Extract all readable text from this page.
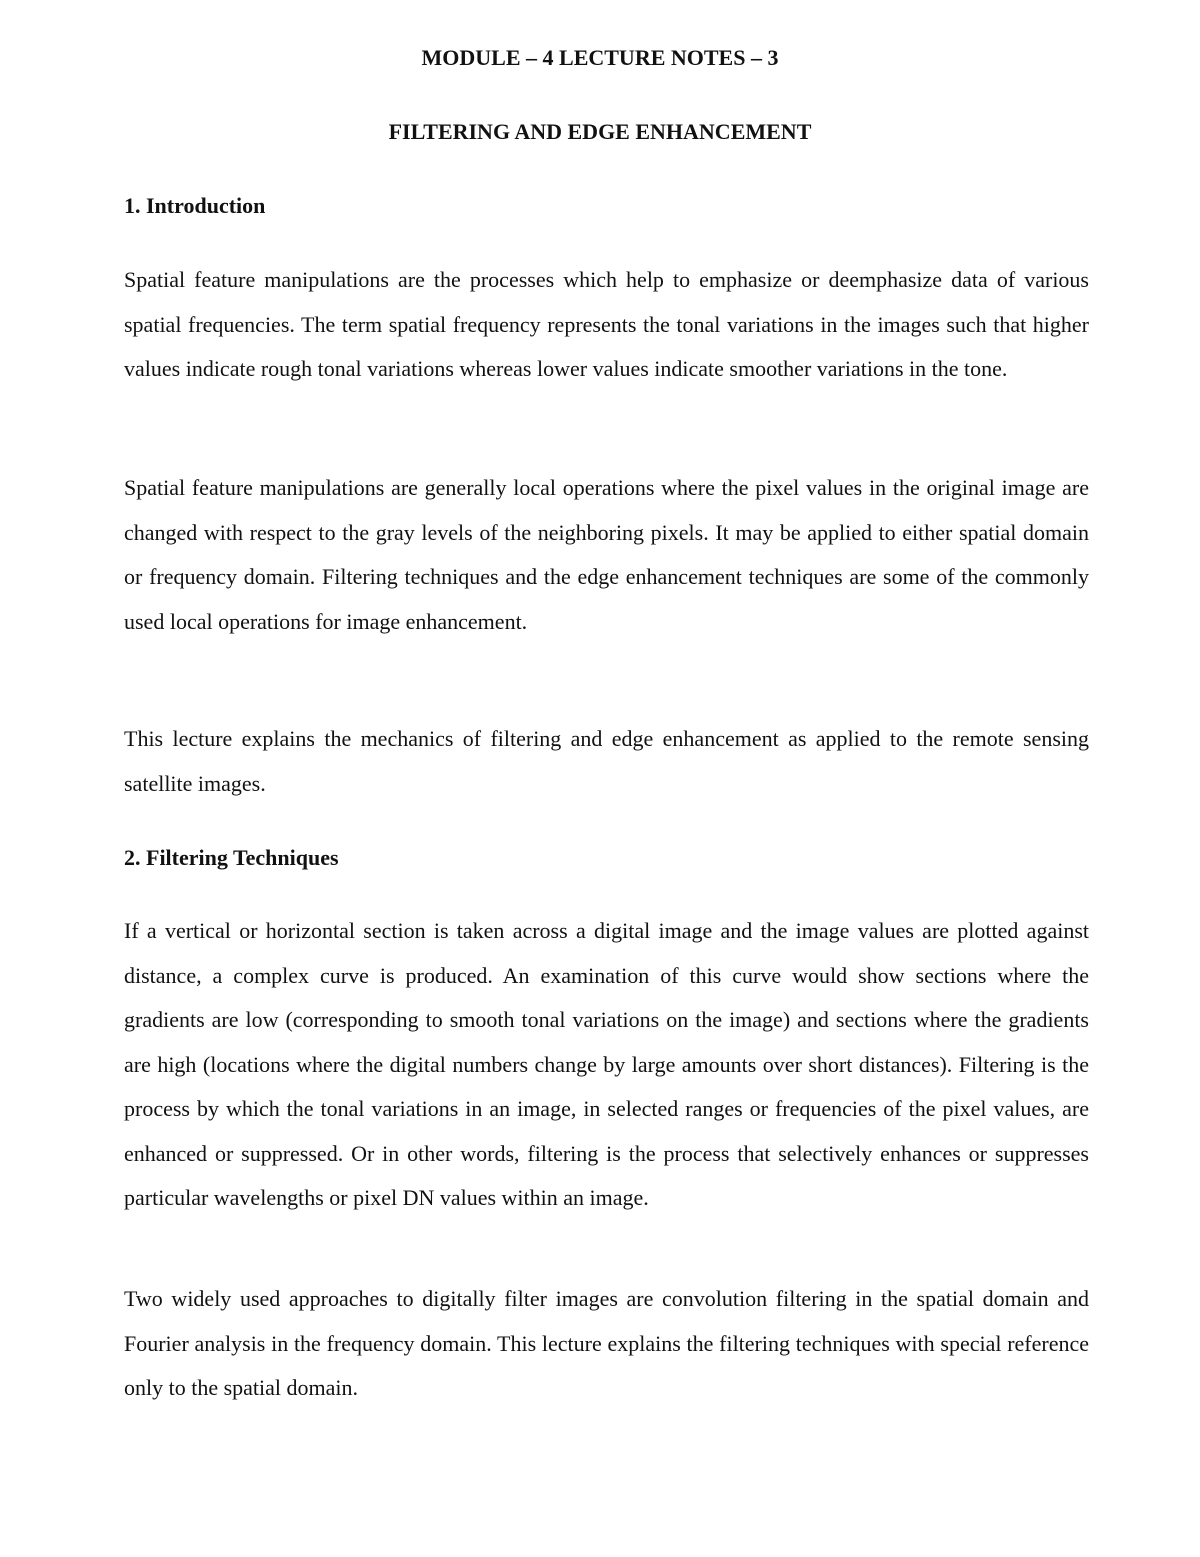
MODULE – 4 LECTURE NOTES – 3
FILTERING AND EDGE ENHANCEMENT
1. Introduction

Spatial feature manipulations are the processes which help to emphasize or deemphasize data of various spatial frequencies. The term spatial frequency represents the tonal variations in the images such that higher values indicate rough tonal variations whereas lower values indicate smoother variations in the tone.

Spatial feature manipulations are generally local operations where the pixel values in the original image are changed with respect to the gray levels of the neighboring pixels. It may be applied to either spatial domain or frequency domain. Filtering techniques and the edge enhancement techniques are some of the commonly used local operations for image enhancement.

This lecture explains the mechanics of filtering and edge enhancement as applied to the remote sensing satellite images.

2. Filtering Techniques

If a vertical or horizontal section is taken across a digital image and the image values are plotted against distance, a complex curve is produced. An examination of this curve would show sections where the gradients are low (corresponding to smooth tonal variations on the image) and sections where the gradients are high (locations where the digital numbers change by large amounts over short distances). Filtering is the process by which the tonal variations in an image, in selected ranges or frequencies of the pixel values, are enhanced or suppressed. Or in other words, filtering is the process that selectively enhances or suppresses particular wavelengths or pixel DN values within an image.

Two widely used approaches to digitally filter images are convolution filtering in the spatial domain and Fourier analysis in the frequency domain. This lecture explains the filtering techniques with special reference only to the spatial domain.
